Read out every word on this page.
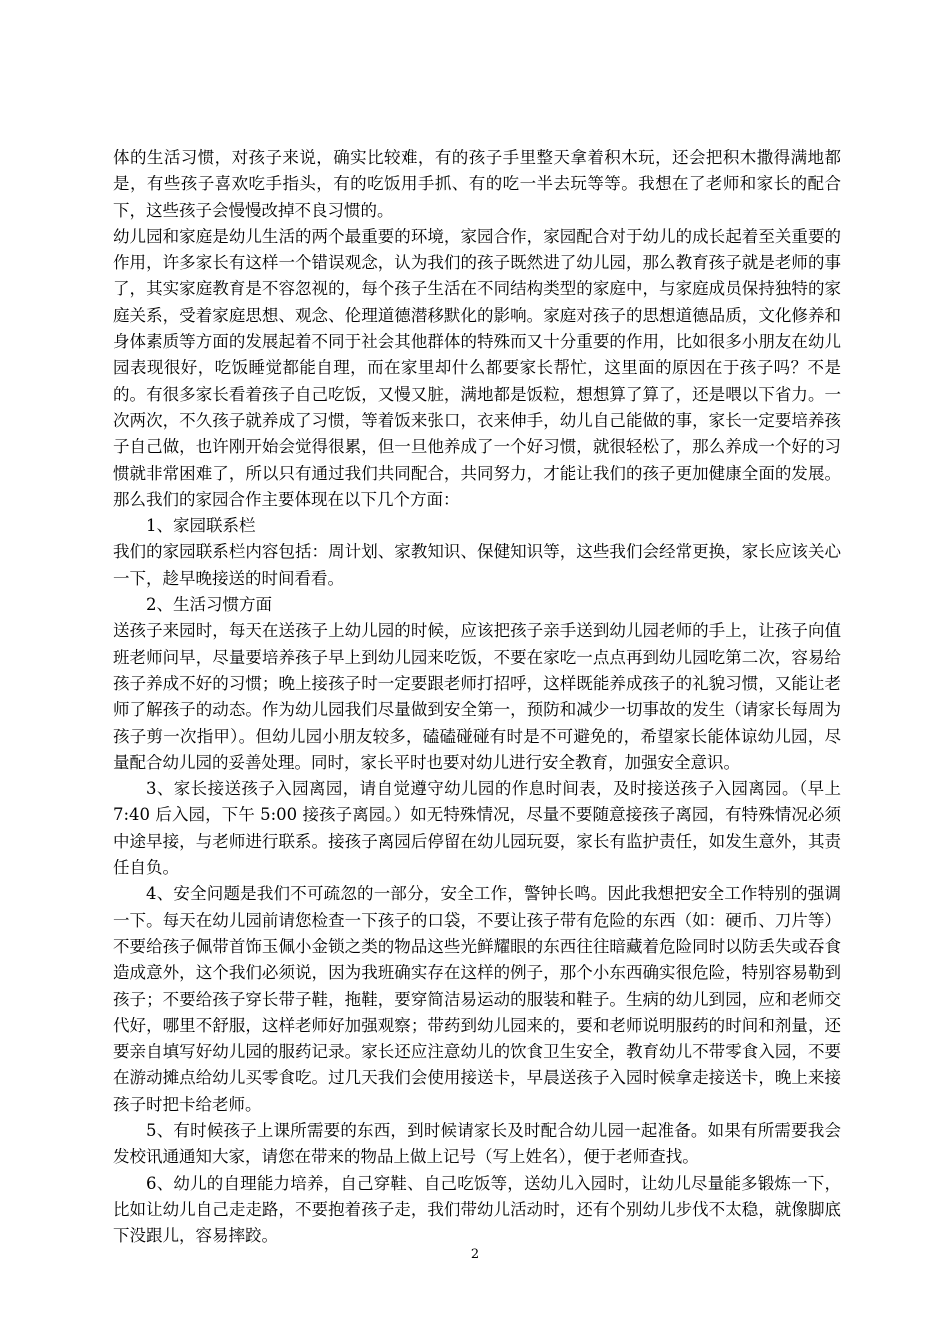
体的生活习惯，对孩子来说，确实比较难，有的孩子手里整天拿着积木玩，还会把积木撒得满地都是，有些孩子喜欢吃手指头，有的吃饭用手抓、有的吃一半去玩等等。我想在了老师和家长的配合下，这些孩子会慢慢改掉不良习惯的。

幼儿园和家庭是幼儿生活的两个最重要的环境，家园合作，家园配合对于幼儿的成长起着至关重要的作用，许多家长有这样一个错误观念，认为我们的孩子既然进了幼儿园，那么教育孩子就是老师的事了，其实家庭教育是不容忽视的，每个孩子生活在不同结构类型的家庭中，与家庭成员保持独特的家庭关系，受着家庭思想、观念、伦理道德潜移默化的影响。家庭对孩子的思想道德品质，文化修养和身体素质等方面的发展起着不同于社会其他群体的特殊而又十分重要的作用，比如很多小朋友在幼儿园表现很好，吃饭睡觉都能自理，而在家里却什么都要家长帮忙，这里面的原因在于孩子吗？不是的。有很多家长看着孩子自己吃饭，又慢又脏，满地都是饭粒，想想算了算了，还是喂以下省力。一次两次，不久孩子就养成了习惯，等着饭来张口，衣来伸手，幼儿自己能做的事，家长一定要培养孩子自己做，也许刚开始会觉得很累，但一旦他养成了一个好习惯，就很轻松了，那么养成一个好的习惯就非常困难了，所以只有通过我们共同配合，共同努力，才能让我们的孩子更加健康全面的发展。那么我们的家园合作主要体现在以下几个方面：

1、家园联系栏

我们的家园联系栏内容包括：周计划、家教知识、保健知识等，这些我们会经常更换，家长应该关心一下，趁早晚接送的时间看看。

2、生活习惯方面

送孩子来园时，每天在送孩子上幼儿园的时候，应该把孩子亲手送到幼儿园老师的手上，让孩子向值班老师问早，尽量要培养孩子早上到幼儿园来吃饭，不要在家吃一点点再到幼儿园吃第二次，容易给孩子养成不好的习惯；晚上接孩子时一定要跟老师打招呼，这样既能养成孩子的礼貌习惯，又能让老师了解孩子的动态。作为幼儿园我们尽量做到安全第一，预防和减少一切事故的发生（请家长每周为孩子剪一次指甲）。但幼儿园小朋友较多，磕磕碰碰有时是不可避免的，希望家长能体谅幼儿园，尽量配合幼儿园的妥善处理。同时，家长平时也要对幼儿进行安全教育，加强安全意识。

3、家长接送孩子入园离园，请自觉遵守幼儿园的作息时间表，及时接送孩子入园离园。（早上 7:40 后入园，下午 5:00 接孩子离园。）如无特殊情况，尽量不要随意接孩子离园，有特殊情况必须中途早接，与老师进行联系。接孩子离园后停留在幼儿园玩耍，家长有监护责任，如发生意外，其责任自负。

4、安全问题是我们不可疏忽的一部分，安全工作，警钟长鸣。因此我想把安全工作特别的强调一下。每天在幼儿园前请您检查一下孩子的口袋，不要让孩子带有危险的东西（如：硬币、刀片等）不要给孩子佩带首饰玉佩小金锁之类的物品这些光鲜耀眼的东西往往暗藏着危险同时以防丢失或吞食造成意外，这个我们必须说，因为我班确实存在这样的例子，那个小东西确实很危险，特别容易勒到孩子；不要给孩子穿长带子鞋，拖鞋，要穿简洁易运动的服装和鞋子。生病的幼儿到园，应和老师交代好，哪里不舒服，这样老师好加强观察；带药到幼儿园来的，要和老师说明服药的时间和剂量，还要亲自填写好幼儿园的服药记录。家长还应注意幼儿的饮食卫生安全，教育幼儿不带零食入园，不要在游动摊点给幼儿买零食吃。过几天我们会使用接送卡，早晨送孩子入园时候拿走接送卡，晚上来接孩子时把卡给老师。

5、有时候孩子上课所需要的东西，到时候请家长及时配合幼儿园一起准备。如果有所需要我会发校讯通通知大家，请您在带来的物品上做上记号（写上姓名），便于老师查找。

6、幼儿的自理能力培养，自己穿鞋、自己吃饭等，送幼儿入园时，让幼儿尽量能多锻炼一下，比如让幼儿自己走走路，不要抱着孩子走，我们带幼儿活动时，还有个别幼儿步伐不太稳，就像脚底下没跟儿，容易摔跤。

2
